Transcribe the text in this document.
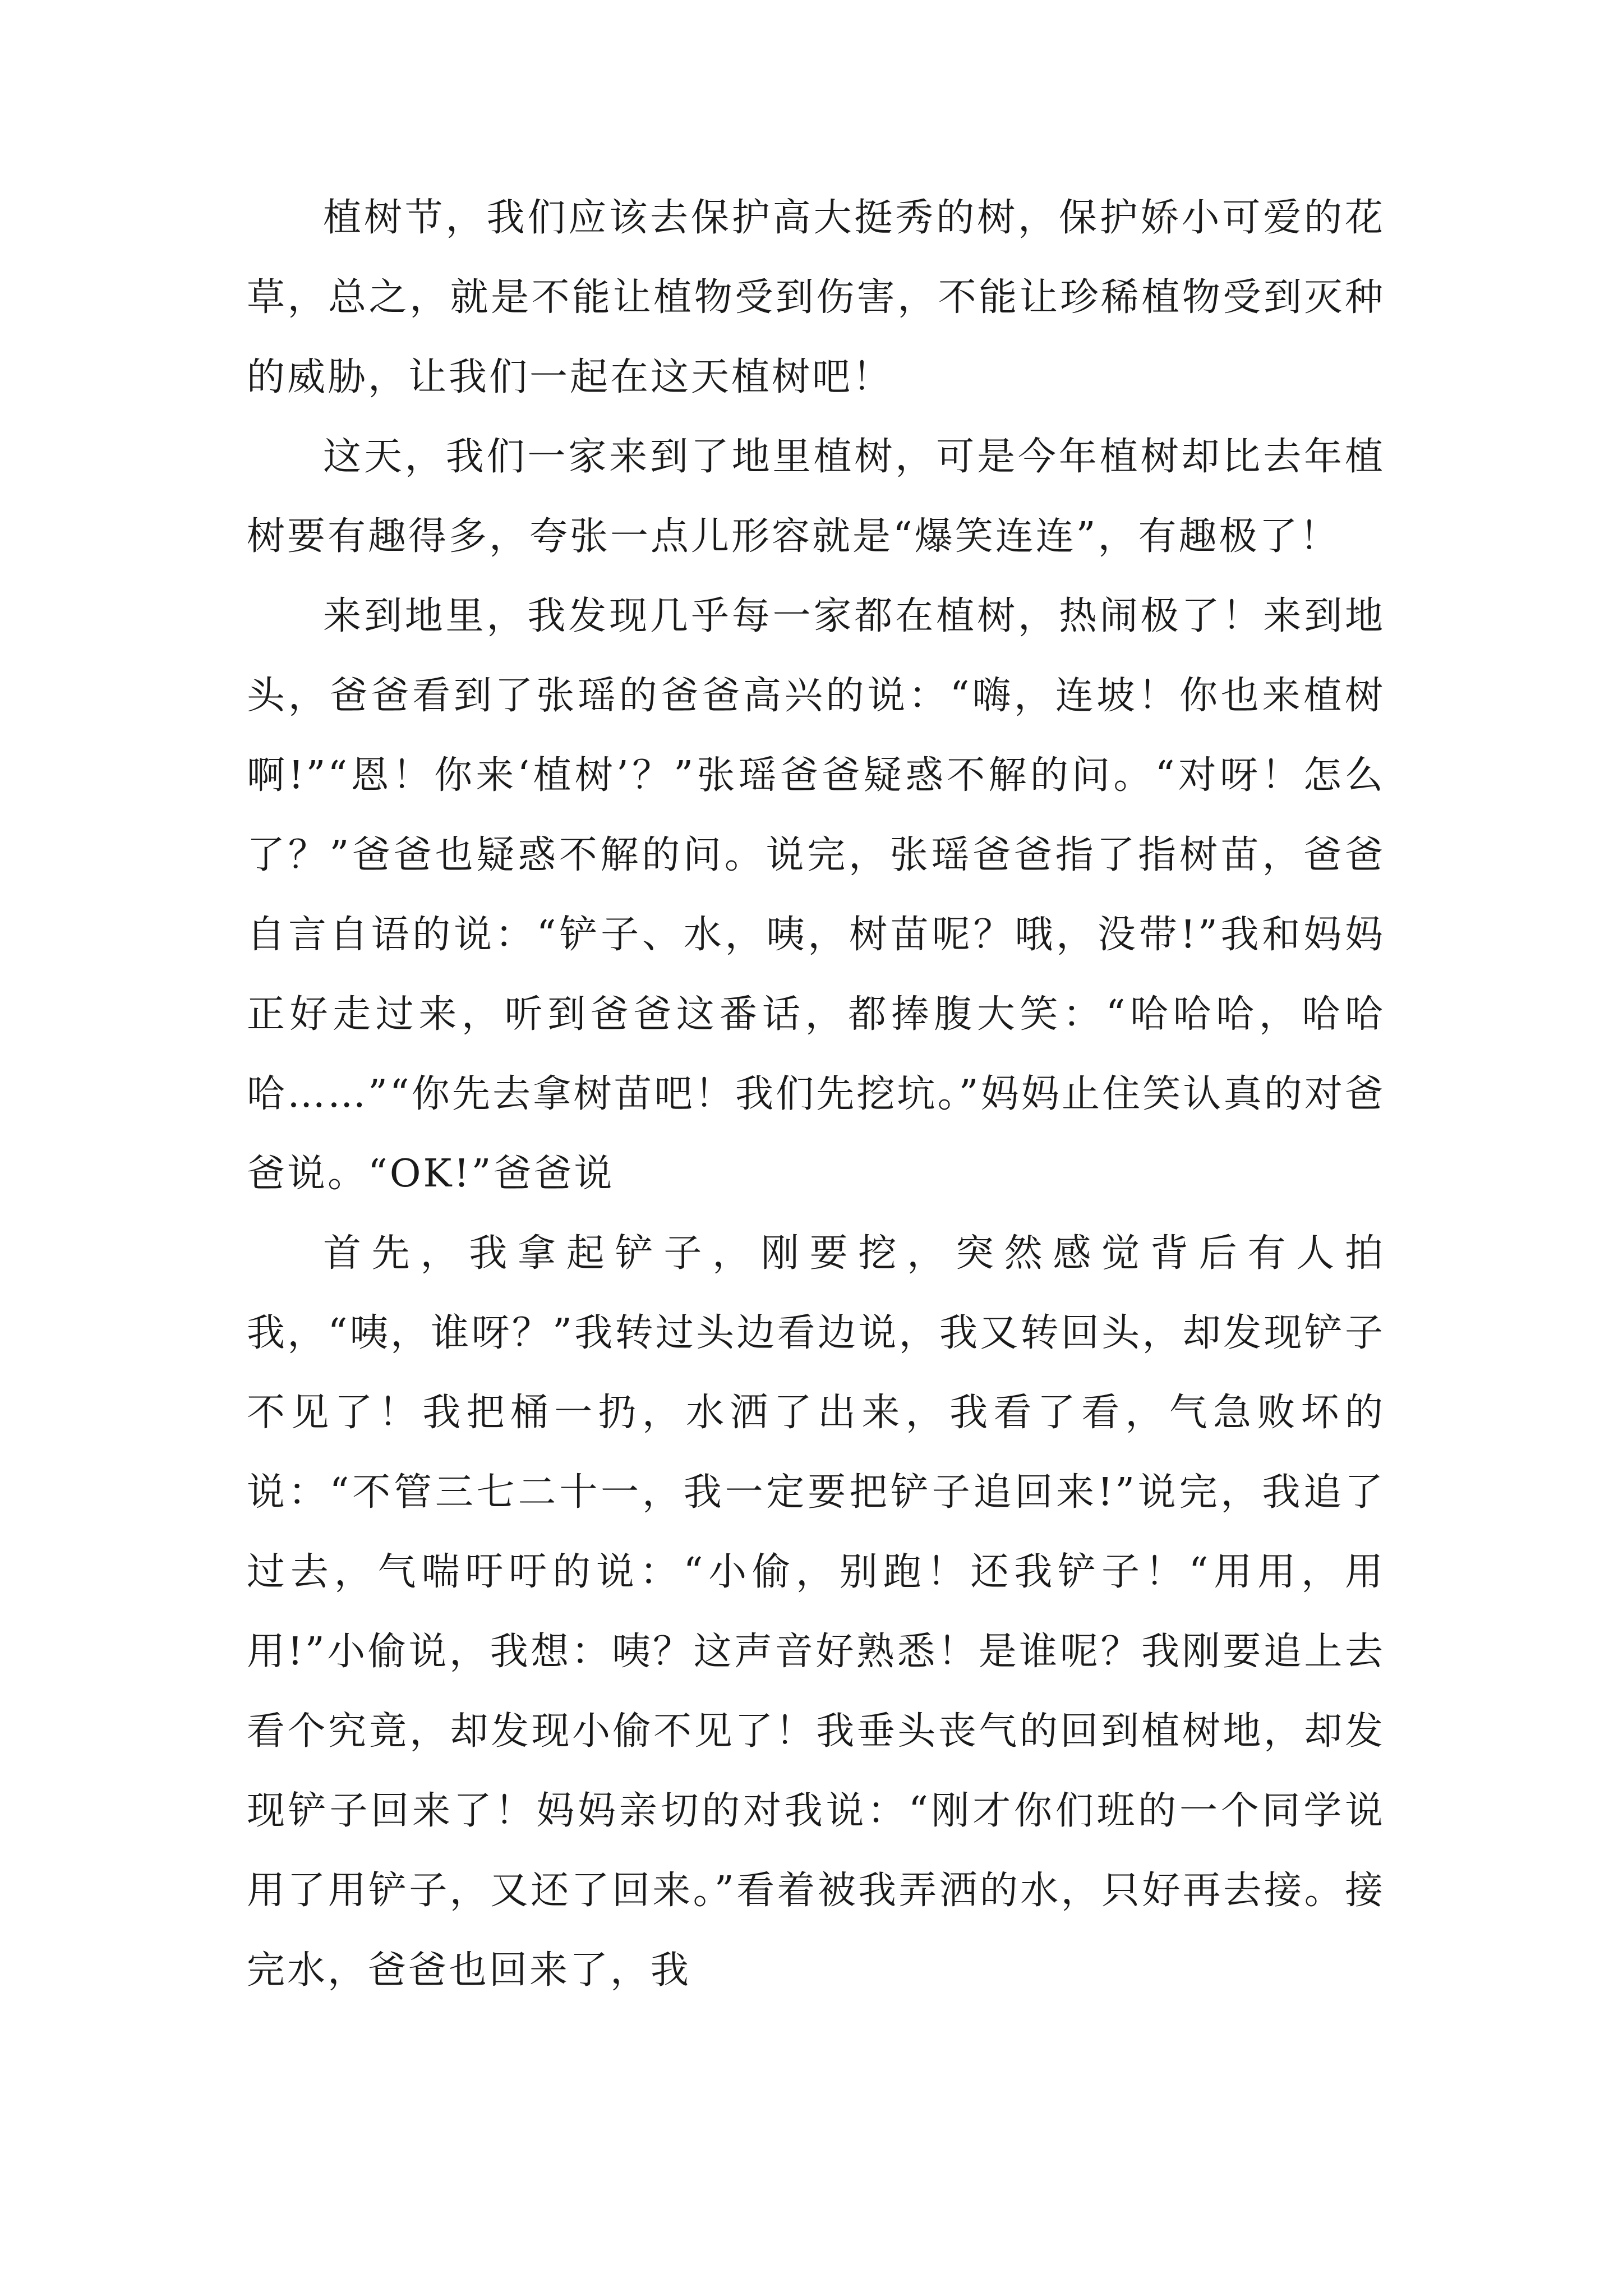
植树节，我们应该去保护高大挺秀的树，保护娇小可爱的花草，总之，就是不能让植物受到伤害，不能让珍稀植物受到灭种的威胁，让我们一起在这天植树吧！

这天，我们一家来到了地里植树，可是今年植树却比去年植树要有趣得多，夸张一点儿形容就是“爆笑连连”，有趣极了！

来到地里，我发现几乎每一家都在植树，热闹极了！来到地头，爸爸看到了张瑶的爸爸高兴的说：“嗨，连坡！你也来植树啊!”“恩！你来‘植树’？”张瑶爸爸疑惑不解的问。“对呀！怎么了？”爸爸也疑惑不解的问。说完，张瑶爸爸指了指树苗，爸爸自言自语的说：“铲子、水，咦，树苗呢？哦，没带!”我和妈妈正好走过来，听到爸爸这番话，都捧腹大笑：“哈哈哈，哈哈哈……”“你先去拿树苗吧！我们先挖坑。”妈妈止住笑认真的对爸爸说。“OK!”爸爸说

首先，我拿起铲子，刚要挖，突然感觉背后有人拍我，“咦，谁呀？”我转过头边看边说，我又转回头，却发现铲子不见了！我把桶一扔，水洒了出来，我看了看，气急败坏的说：“不管三七二十一，我一定要把铲子追回来!”说完，我追了过去，气喘吁吁的说：“小偷，别跑！还我铲子！“用用，用用!”小偷说，我想：咦？这声音好熟悉！是谁呢？我刚要追上去看个究竟，却发现小偷不见了！我垂头丧气的回到植树地，却发现铲子回来了！妈妈亲切的对我说：“刚才你们班的一个同学说用了用铲子，又还了回来。”看着被我弄洒的水，只好再去接。接完水，爸爸也回来了，我
